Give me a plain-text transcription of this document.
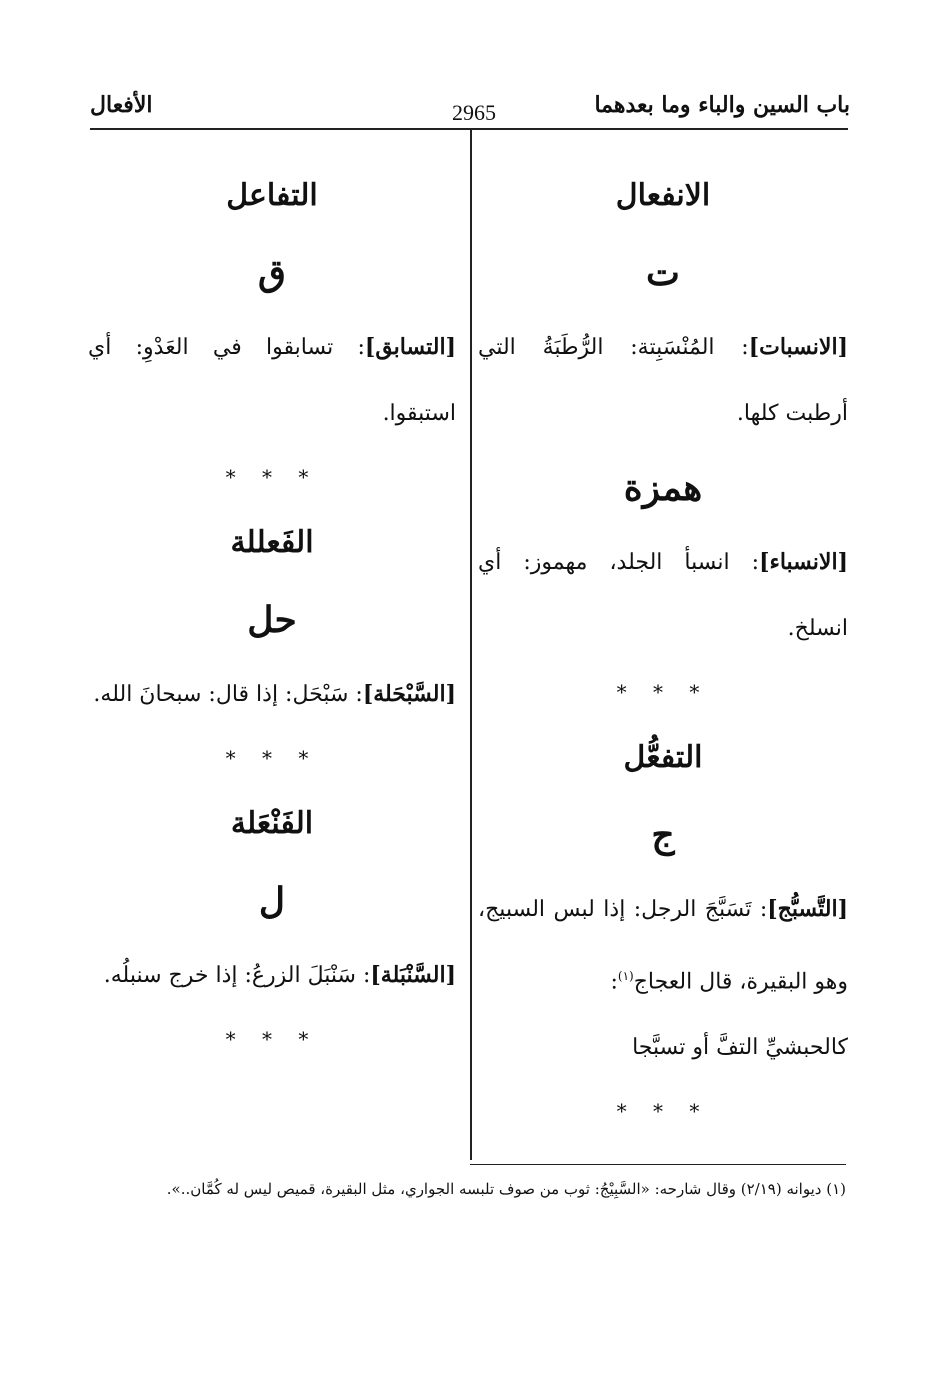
باب السين والباء وما بعدهما
2965
الأفعال
الانفعال
ت
[الانسبات]: المُنْسَبِتة: الرُّطَبَةُ التي أرطبت كلها.
همزة
[الانسباء]: انسبأ الجلد، مهموز: أي انسلخ.
* * *
التفعُّل
ج
[التَّسبُّج]: تَسَبَّجَ الرجل: إذا لبس السبيج، وهو البقيرة، قال العجاج$^{(١)}$:
كالحبشيِّ التفَّ أو تسبَّجا
* * *
التفاعل
ق
[التسابق]: تسابقوا في العَدْوِ: أي استبقوا.
* * *
الفَعللة
حل
[السَّبْحَلة]: سَبْحَل: إذا قال: سبحانَ الله.
* * *
الفَنْعَلة
ل
[السَّنْبَلة]: سَنْبَلَ الزرعُ: إذا خرج سنبلُه.
* * *
(١) ديوانه (٢/١٩) وقال شارحه: «السَّبِيْجُ: ثوب من صوف تلبسه الجواري، مثل البقيرة، قميص ليس له كُمَّان..».
